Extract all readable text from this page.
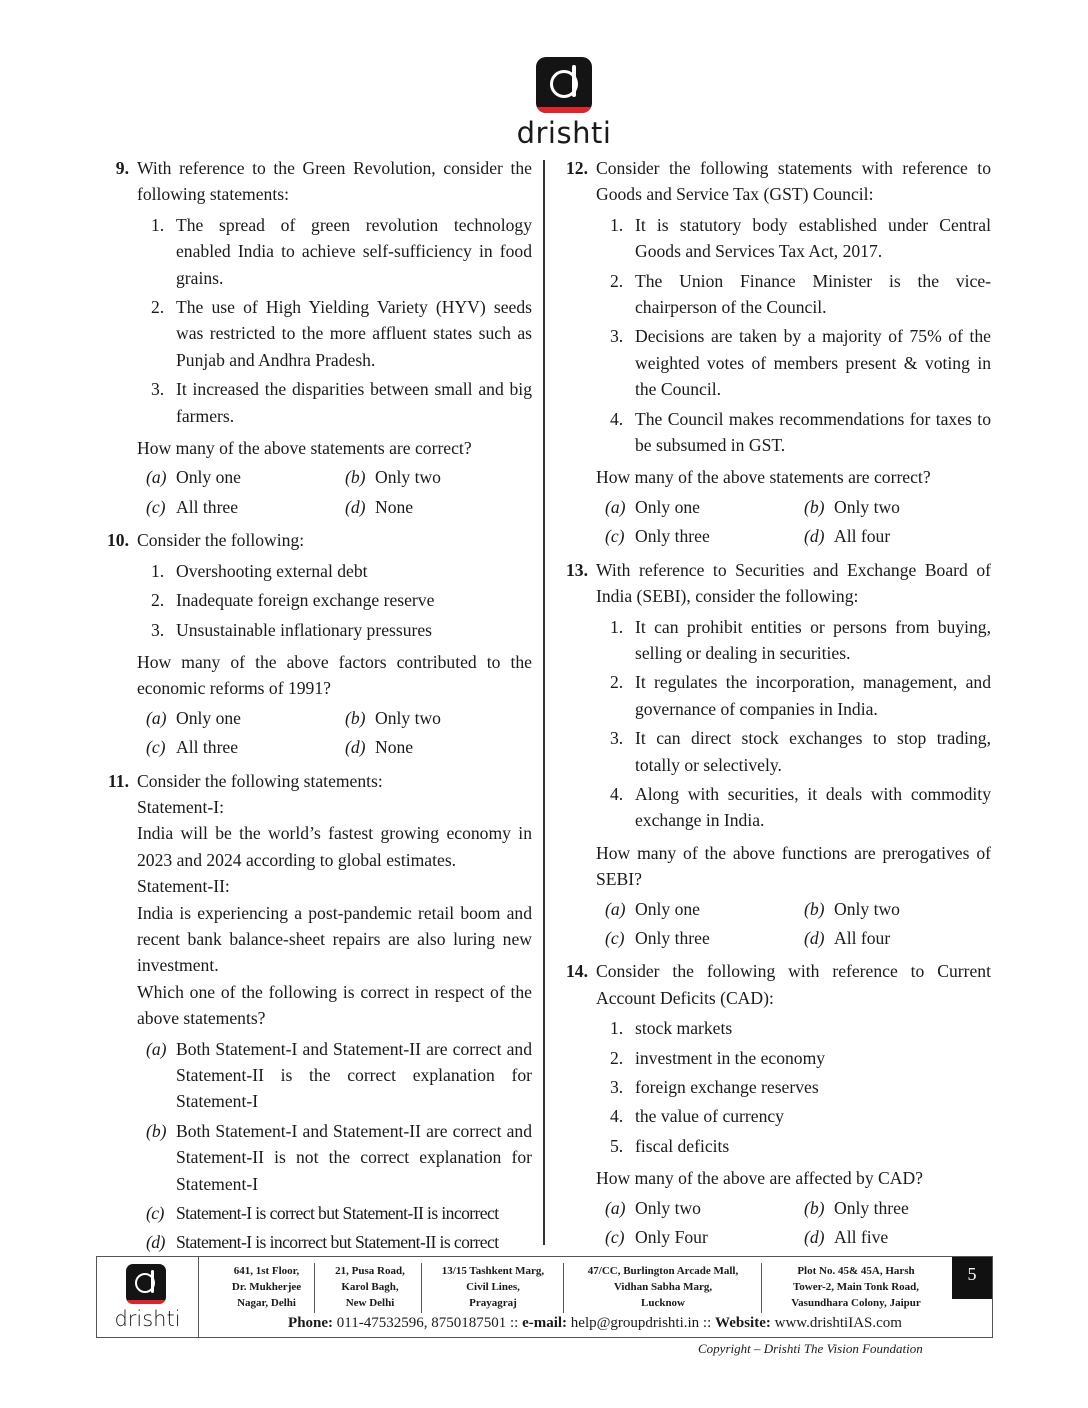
drishti
9. With reference to the Green Revolution, consider the following statements:
1. The spread of green revolution technology enabled India to achieve self-sufficiency in food grains.
2. The use of High Yielding Variety (HYV) seeds was restricted to the more affluent states such as Punjab and Andhra Pradesh.
3. It increased the disparities between small and big farmers.
How many of the above statements are correct?
(a) Only one	(b) Only two
(c) All three	(d) None
10. Consider the following:
1. Overshooting external debt
2. Inadequate foreign exchange reserve
3. Unsustainable inflationary pressures
How many of the above factors contributed to the economic reforms of 1991?
(a) Only one	(b) Only two
(c) All three	(d) None
11. Consider the following statements:
Statement-I:
India will be the world’s fastest growing economy in 2023 and 2024 according to global estimates.
Statement-II:
India is experiencing a post-pandemic retail boom and recent bank balance-sheet repairs are also luring new investment.
Which one of the following is correct in respect of the above statements?
(a) Both Statement-I and Statement-II are correct and Statement-II is the correct explanation for Statement-I
(b) Both Statement-I and Statement-II are correct and Statement-II is not the correct explanation for Statement-I
(c) Statement-I is correct but Statement-II is incorrect
(d) Statement-I is incorrect but Statement-II is correct
12. Consider the following statements with reference to Goods and Service Tax (GST) Council:
1. It is statutory body established under Central Goods and Services Tax Act, 2017.
2. The Union Finance Minister is the vice-chairperson of the Council.
3. Decisions are taken by a majority of 75% of the weighted votes of members present & voting in the Council.
4. The Council makes recommendations for taxes to be subsumed in GST.
How many of the above statements are correct?
(a) Only one	(b) Only two
(c) Only three	(d) All four
13. With reference to Securities and Exchange Board of India (SEBI), consider the following:
1. It can prohibit entities or persons from buying, selling or dealing in securities.
2. It regulates the incorporation, management, and governance of companies in India.
3. It can direct stock exchanges to stop trading, totally or selectively.
4. Along with securities, it deals with commodity exchange in India.
How many of the above functions are prerogatives of SEBI?
(a) Only one	(b) Only two
(c) Only three	(d) All four
14. Consider the following with reference to Current Account Deficits (CAD):
1. stock markets
2. investment in the economy
3. foreign exchange reserves
4. the value of currency
5. fiscal deficits
How many of the above are affected by CAD?
(a) Only two	(b) Only three
(c) Only Four	(d) All five
drishti
641, 1st Floor,
Dr. Mukherjee
Nagar, Delhi
21, Pusa Road,
Karol Bagh,
New Delhi
13/15 Tashkent Marg,
Civil Lines,
Prayagraj
47/CC, Burlington Arcade Mall,
Vidhan Sabha Marg,
Lucknow
Plot No. 45& 45A, Harsh
Tower-2, Main Tonk Road,
Vasundhara Colony, Jaipur
5
Phone: 011-47532596, 8750187501 :: e-mail: help@groupdrishti.in :: Website: www.drishtiIAS.com
Copyright – Drishti The Vision Foundation
